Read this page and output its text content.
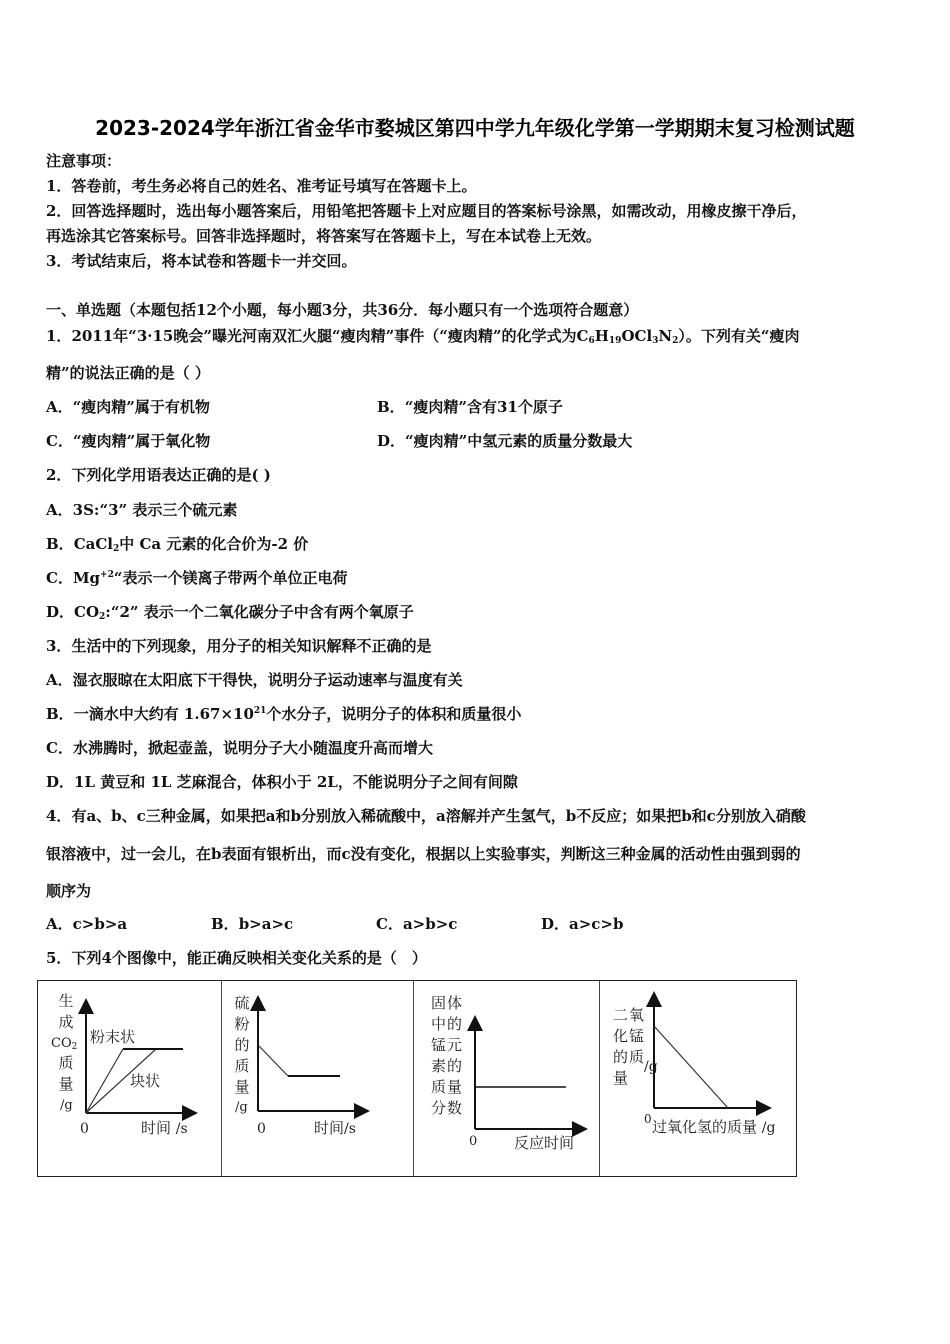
2023-2024学年浙江省金华市婺城区第四中学九年级化学第一学期期末复习检测试题
注意事项：
1．答卷前，考生务必将自己的姓名、准考证号填写在答题卡上。
2．回答选择题时，选出每小题答案后，用铅笔把答题卡上对应题目的答案标号涂黑，如需改动，用橡皮擦干净后，
再选涂其它答案标号。回答非选择题时，将答案写在答题卡上，写在本试卷上无效。
3．考试结束后，将本试卷和答题卡一并交回。
一、单选题（本题包括12个小题，每小题3分，共36分．每小题只有一个选项符合题意）
1．2011年“3·15晚会”曝光河南双汇火腿“瘦肉精”事件（“瘦肉精”的化学式为$C_6H_{19}OCl_3N_2$）。下列有关“瘦肉
精”的说法正确的是（ ）
A．“瘦肉精”属于有机物	B．“瘦肉精”含有31个原子
C．“瘦肉精”属于氧化物	D．“瘦肉精”中氢元素的质量分数最大
2．下列化学用语表达正确的是( )
A．3S:“3” 表示三个硫元素
B．CaCl$_2$中 Ca 元素的化合价为-2 价
C．$Mg^{+2}“$表示一个镁离子带两个单位正电荷
D．$CO_2:“2$” 表示一个二氧化碳分子中含有两个氧原子
3．生活中的下列现象，用分子的相关知识解释不正确的是
A．湿衣服晾在太阳底下干得快，说明分子运动速率与温度有关
B．一滴水中大约有 $1.67\times 10^{21}$个水分子，说明分子的体积和质量很小
C．水沸腾时，掀起壶盖，说明分子大小随温度升高而增大
D．1L 黄豆和 1L 芝麻混合，体积小于 2L，不能说明分子之间有间隙
4．有a、b、c三种金属，如果把a和b分别放入稀硫酸中，a溶解并产生氢气，b不反应；如果把b和c分别放入硝酸
银溶液中，过一会儿，在b表面有银析出，而c没有变化，根据以上实验事实，判断这三种金属的活动性由强到弱的
顺序为
A．c>b>a	B．b>a>c	C．a>b>c	D．a>c>b
5．下列4个图像中，能正确反映相关变化关系的是（　）
生成
$CO_2$
质量
/g
0	时间 /s
粉末状
块状
硫粉的质量
/g
0	时间/s
固体中的锰元素的质量分数
0 反应时间
二氧化锰的质量
/g
0 过氧化氢的质量 /g
